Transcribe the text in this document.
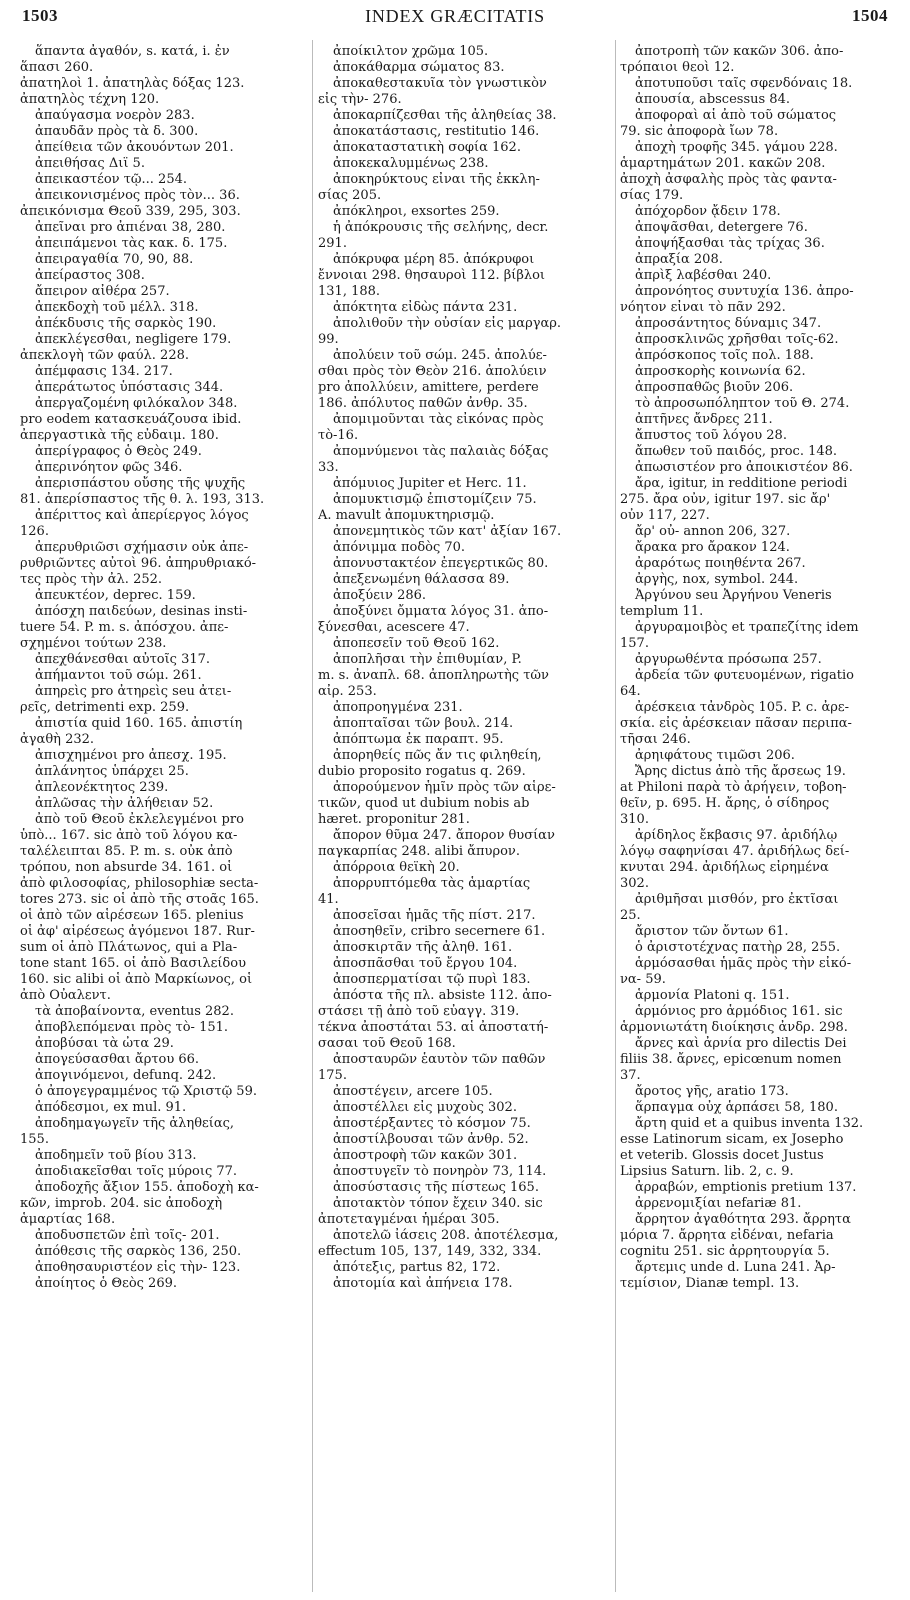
1503	INDEX GRÆCITATIS	1504
ἅπαντα ἀγαθόν, s. κατά, i. ἐν
ἅπασι 260.
ἀπατηλοὶ 1. ἀπατηλὰς δόξας 123.
ἀπατηλὸς τέχνη 120.
ἀπαύγασμα νοερὸν 283.
ἀπαυδᾶν πρὸς τὰ δ. 300.
ἀπείθεια τῶν ἀκουόντων 201.
ἀπειθήσας Διῒ 5.
ἀπεικαστέον τῷ... 254.
ἀπεικονισμένος πρὸς τὸν... 36.
ἀπεικόνισμα Θεοῦ 339, 295, 303.
ἀπεῖναι pro ἀπιέναι 38, 280.
ἀπειπάμενοι τὰς κακ. δ. 175.
ἀπειραγαθία 70, 90, 88.
ἀπείραστος 308.
ἄπειρον αἰθέρα 257.
ἀπεκδοχὴ τοῦ μέλλ. 318.
ἀπέκδυσις τῆς σαρκὸς 190.
ἀπεκλέγεσθαι, negligere 179.
ἀπεκλογὴ τῶν φαύλ. 228.
ἀπέμφασις 134. 217.
ἀπεράτωτος ὑπόστασις 344.
ἀπεργαζομένη φιλόκαλον 348.
pro eodem κατασκευάζουσα ibid.
ἀπεργαστικὰ τῆς εὐδαιμ. 180.
ἀπερίγραφος ὁ Θεὸς 249.
ἀπερινόητον φῶς 346.
ἀπερισπάστου οὔσης τῆς ψυχῆς
81. ἀπερίσπαστος τῆς θ. λ. 193, 313.
ἀπέριττος καὶ ἀπερίεργος λόγος
126.
ἀπερυθριῶσι σχήμασιν οὐκ ἀπε-
ρυθριῶντες αὐτοὶ 96. ἀπηρυθριακό-
τες πρὸς τὴν ἀλ. 252.
ἀπευκτέον, deprec. 159.
ἀπόσχη παιδεύων, desinas insti-
tuere 54. P. m. s. ἀπόσχου. ἀπε-
σχημένοι τούτων 238.
ἀπεχθάνεσθαι αὐτοῖς 317.
ἀπήμαντοι τοῦ σώμ. 261.
ἀπηρεὶς pro ἀτηρεὶς seu ἀτει-
ρεῖς, detrimenti exp. 259.
ἀπιστία quid 160. 165. ἀπιστίη
ἀγαθὴ 232.
ἀπισχημένοι pro ἀπεσχ. 195.
ἀπλάνητος ὑπάρχει 25.
ἀπλεονέκτητος 239.
ἀπλῶσας τὴν ἀλήθειαν 52.
ἀπὸ τοῦ Θεοῦ ἐκλελεγμένοι pro
ὑπὸ... 167. sic ἀπὸ τοῦ λόγου κα-
ταλέλειπται 85. P. m. s. οὐκ ἀπὸ
τρόπου, non absurde 34. 161. οἱ
ἀπὸ φιλοσοφίας, philosophiæ secta-
tores 273. sic οἱ ἀπὸ τῆς στοᾶς 165.
οἱ ἀπὸ τῶν αἱρέσεων 165. plenius
οἱ ἀφ' αἱρέσεως ἀγόμενοι 187. Rur-
sum οἱ ἀπὸ Πλάτωνος, qui a Pla-
tone stant 165. οἱ ἀπὸ Βασιλείδου
160. sic alibi οἱ ἀπὸ Μαρκίωνος, οἱ
ἀπὸ Οὐαλεντ.
τὰ ἀποβαίνοντα, eventus 282.
ἀποβλεπόμεναι πρὸς τὸ- 151.
ἀποβύσαι τὰ ὦτα 29.
ἀπογεύσασθαι ἄρτου 66.
ἀπογινόμενοι, defunq. 242.
ὁ ἀπογεγραμμένος τῷ Χριστῷ 59.
ἀπόδεσμοι, ex mul. 91.
ἀποδημαγωγεῖν τῆς ἀληθείας,
155.
ἀποδημεῖν τοῦ βίου 313.
ἀποδιακεῖσθαι τοῖς μύροις 77.
ἀποδοχῆς ἄξιον 155. ἀποδοχὴ κα-
κῶν, improb. 204. sic ἀποδοχὴ
ἁμαρτίας 168.
ἀποδυσπετῶν ἐπὶ τοῖς- 201.
ἀπόθεσις τῆς σαρκὸς 136, 250.
ἀποθησαυριστέον εἰς τὴν- 123.
ἀποίητος ὁ Θεὸς 269.
ἀποίκιλτον χρῶμα 105.
ἀποκάθαρμα σώματος 83.
ἀποκαθεστακυῖα τὸν γνωστικὸν
εἰς τὴν- 276.
ἀποκαρπίζεσθαι τῆς ἀληθείας 38.
ἀποκατάστασις, restitutio 146.
ἀποκαταστατικὴ σοφία 162.
ἀποκεκαλυμμένως 238.
ἀποκηρύκτους εἶναι τῆς ἐκκλη-
σίας 205.
ἀπόκληροι, exsortes 259.
ἡ ἀπόκρουσις τῆς σελήνης, decr.
291.
ἀπόκρυφα μέρη 85. ἀπόκρυφοι
ἔννοιαι 298. θησαυροὶ 112. βίβλοι
131, 188.
ἀπόκτητα εἰδὼς πάντα 231.
ἀπολιθοῦν τὴν οὐσίαν εἰς μαργαρ.
99.
ἀπολύειν τοῦ σώμ. 245. ἀπολύε-
σθαι πρὸς τὸν Θεὸν 216. ἀπολύειν
pro ἀπολλύειν, amittere, perdere
186. ἀπόλυτος παθῶν ἀνθρ. 35.
ἀπομιμοῦνται τὰς εἰκόνας πρὸς
τὸ-16.
ἀπομνύμενοι τὰς παλαιὰς δόξας
33.
ἀπόμυιος Jupiter et Herc. 11.
ἀπομυκτισμῷ ἐπιστομίζειν 75.
A. mavult ἀπομυκτηρισμῷ.
ἀπονεμητικὸς τῶν κατ' ἀξίαν 167.
ἀπόνιμμα ποδὸς 70.
ἀπονυστακτέον ἐπεγερτικῶς 80.
ἀπεξενωμένη θάλασσα 89.
ἀποξύειν 286.
ἀποξύνει ὄμματα λόγος 31. ἀπο-
ξύνεσθαι, acescere 47.
ἀποπεσεῖν τοῦ Θεοῦ 162.
ἀποπλῆσαι τὴν ἐπιθυμίαν, P.
m. s. ἀναπλ. 68. ἀποπληρωτὴς τῶν
αἰρ. 253.
ἀποπροηγμένα 231.
ἀποπταῖσαι τῶν βουλ. 214.
ἀπόπτωμα ἐκ παραπτ. 95.
ἀπορηθείς πῶς ἄν τις φιληθείη,
dubio proposito rogatus q. 269.
ἀπορούμενον ἡμῖν πρὸς τῶν αἱρε-
τικῶν, quod ut dubium nobis ab
hæret. proponitur 281.
ἄπορον θῦμα 247. ἄπορον θυσίαν
παγκαρπίας 248. alibi ἄπυρον.
ἀπόρροια θεϊκὴ 20.
ἀπορρυπτόμεθα τὰς ἁμαρτίας
41.
ἀποσεῖσαι ἡμᾶς τῆς πίστ. 217.
ἀποσηθεῖν, cribro secernere 61.
ἀποσκιρτᾶν τῆς ἀληθ. 161.
ἀποσπᾶσθαι τοῦ ἔργου 104.
ἀποσπερματίσαι τῷ πυρὶ 183.
ἀπόστα τῆς πλ. absiste 112. ἀπο-
στάσει τῇ ἀπὸ τοῦ εὐαγγ. 319.
τέκνα ἀποστάται 53. αἱ ἀποστατή-
σασαι τοῦ Θεοῦ 168.
ἀποσταυρῶν ἑαυτὸν τῶν παθῶν
175.
ἀποστέγειν, arcere 105.
ἀποστέλλει εἰς μυχοὺς 302.
ἀποστέρξαντες τὸ κόσμον 75.
ἀποστίλβουσαι τῶν ἀνθρ. 52.
ἀποστροφὴ τῶν κακῶν 301.
ἀποστυγεῖν τὸ πονηρὸν 73, 114.
ἀποσύστασις τῆς πίστεως 165.
ἀποτακτὸν τόπον ἔχειν 340. sic
ἀποτεταγμέναι ἡμέραι 305.
ἀποτελῶ ἰάσεις 208. ἀποτέλεσμα,
effectum 105, 137, 149, 332, 334.
ἀπότεξις, partus 82, 172.
ἀποτομία καὶ ἀπήνεια 178.
ἀποτροπὴ τῶν κακῶν 306. ἀπο-
τρόπαιοι θεοὶ 12.
ἀποτυποῦσι ταῖς σφενδόναις 18.
ἀπουσία, abscessus 84.
ἀποφοραὶ αἱ ἀπὸ τοῦ σώματος
79. sic ἀποφορὰ ἴων 78.
ἀποχὴ τροφῆς 345. γάμου 228.
ἁμαρτημάτων 201. κακῶν 208.
ἀποχὴ ἀσφαλὴς πρὸς τὰς φαντα-
σίας 179.
ἀπόχορδον ᾄδειν 178.
ἀποψᾶσθαι, detergere 76.
ἀποψήξασθαι τὰς τρίχας 36.
ἀπραξία 208.
ἀπρὶξ λαβέσθαι 240.
ἀπρονόητος συντυχία 136. ἀπρο-
νόητον εἶναι τὸ πᾶν 292.
ἀπροσάντητος δύναμις 347.
ἀπροσκλινῶς χρῆσθαι τοῖς-62.
ἀπρόσκοπος τοῖς πολ. 188.
ἀπροσκορὴς κοινωνία 62.
ἀπροσπαθῶς βιοῦν 206.
τὸ ἀπροσωπόληπτον τοῦ Θ. 274.
ἀπτῆνες ἄνδρες 211.
ἄπυστος τοῦ λόγου 28.
ἄπωθεν τοῦ παιδός, proc. 148.
ἀπωσιστέον pro ἀποικιστέον 86.
ἄρα, igitur, in redditione periodi
275. ἄρα οὖν, igitur 197. sic ἄρ'
οὖν 117, 227.
ἄρ' οὐ- annon 206, 327.
ἄρακα pro ἄρακον 124.
ἀραρότως ποιηθέντα 267.
ἀργὴς, nox, symbol. 244.
Ἀργύνου seu Ἀργήνου Veneris
templum 11.
ἀργυραμοιβὸς et τραπεζίτης idem
157.
ἀργυρωθέντα πρόσωπα 257.
ἀρδεία τῶν φυτευομένων, rigatio
64.
ἀρέσκεια τἀνδρὸς 105. P. c. ἀρε-
σκία. εἰς ἀρέσκειαν πᾶσαν περιπα-
τῆσαι 246.
ἀρηιφάτους τιμῶσι 206.
Ἄρης dictus ἀπὸ τῆς ἄρσεως 19.
at Philoni παρὰ τὸ ἀρήγειν, τοβοη-
θεῖν, p. 695. H. ἄρης, ὁ σίδηρος
310.
ἀρίδηλος ἔκβασις 97. ἀριδήλῳ
λόγῳ σαφηνίσαι 47. ἀριδήλως δεί-
κνυται 294. ἀριδήλως εἰρημένα
302.
ἀριθμῆσαι μισθόν, pro ἐκτῖσαι
25.
ἄριστον τῶν ὄντων 61.
ὁ ἀριστοτέχνας πατὴρ 28, 255.
ἁρμόσασθαι ἡμᾶς πρὸς τὴν εἰκό-
να- 59.
ἁρμονία Platoni q. 151.
ἁρμόνιος pro ἁρμόδιος 161. sic
ἁρμονιωτάτη διοίκησις ἀνδρ. 298.
ἄρνες καὶ ἀρνία pro dilectis Dei
filiis 38. ἄρνες, epicœnum nomen
37.
ἄροτος γῆς, aratio 173.
ἅρπαγμα οὐχ ἁρπάσει 58, 180.
ἄρτη quid et a quibus inventa 132.
esse Latinorum sicam, ex Josepho
et veterib. Glossis docet Justus
Lipsius Saturn. lib. 2, c. 9.
ἀρραβών, emptionis pretium 137.
ἀρρενομιξίαι nefariæ 81.
ἄρρητον ἀγαθότητα 293. ἄρρητα
μόρια 7. ἄρρητα εἰδέναι, nefaria
cognitu 251. sic ἀρρητουργία 5.
ἄρτεμις unde d. Luna 241. Ἀρ-
τεμίσιον, Dianæ templ. 13.
